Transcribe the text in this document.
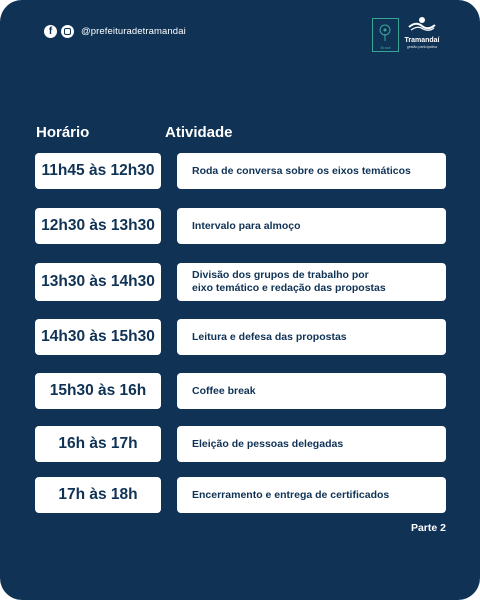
f	@prefeituradetramandai
Brasil
Tramandaí
gestão participativa
Horário	Atividade
11h45 às 12h30	Roda de conversa sobre os eixos temáticos
12h30 às 13h30	Intervalo para almoço
13h30 às 14h30	Divisão dos grupos de trabalho por
eixo temático e redação das propostas
14h30 às 15h30	Leitura e defesa das propostas
15h30 às 16h	Coffee break
16h às 17h	Eleição de pessoas delegadas
17h às 18h	Encerramento e entrega de certificados
Parte 2
